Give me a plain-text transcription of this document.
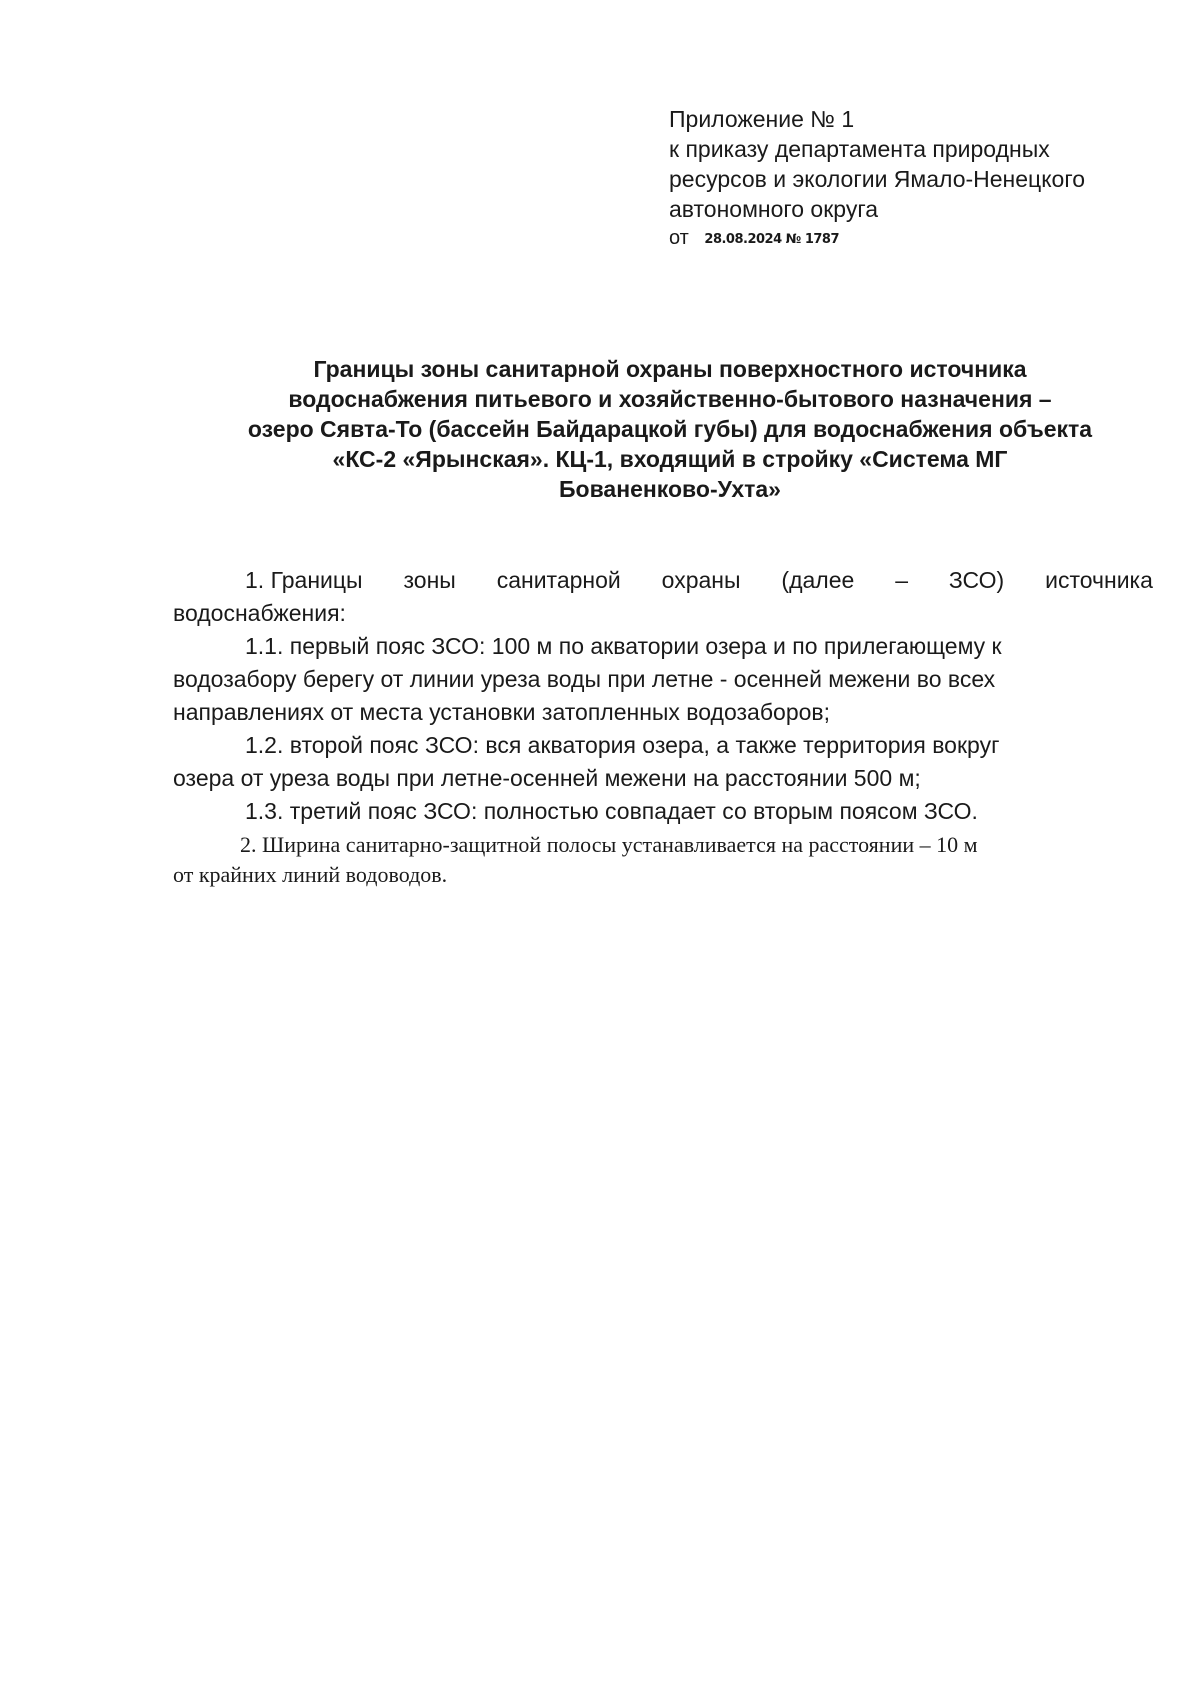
Приложение № 1
к приказу департамента природных
ресурсов и экологии Ямало-Ненецкого
автономного округа
от 28.08.2024 № 1787
Границы зоны санитарной охраны поверхностного источника
водоснабжения питьевого и хозяйственно-бытового назначения –
озеро Сявта-То (бассейн Байдарацкой губы) для водоснабжения объекта
«КС-2 «Ярынская». КЦ-1, входящий в стройку «Система МГ
Бованенково-Ухта»
1. Границы зоны санитарной охраны (далее – ЗСО) источника
водоснабжения:
1.1. первый пояс ЗСО: 100 м по акватории озера и по прилегающему к
водозабору берегу от линии уреза воды при летне - осенней межени во всех
направлениях от места установки затопленных водозаборов;
1.2. второй пояс ЗСО: вся акватория озера, а также территория вокруг
озера от уреза воды при летне-осенней межени на расстоянии 500 м;
1.3. третий пояс ЗСО: полностью совпадает со вторым поясом ЗСО.
2. Ширина санитарно-защитной полосы устанавливается на расстоянии – 10 м
от крайних линий водоводов.
